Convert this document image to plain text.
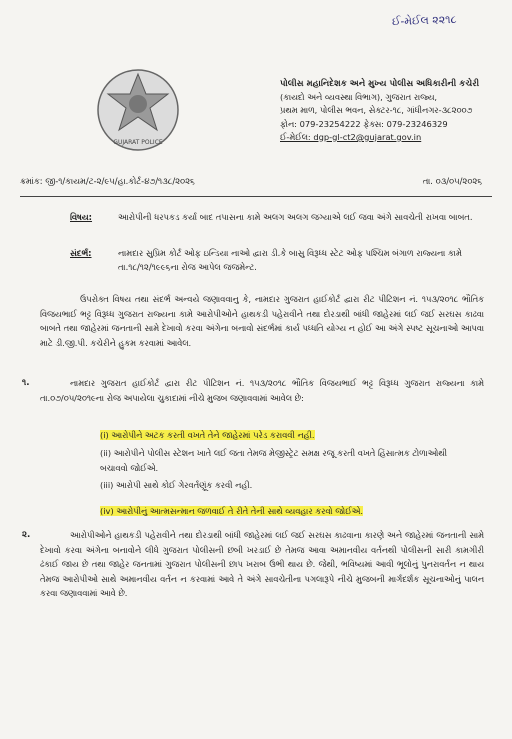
ઈ-મેઈલ ૨૨૧૮
GUJARAT POLICE
પોલીસ મહાનિદેશક અને મુખ્ય પોલીસ અધિકારીની કચેરી
(કાયદો અને વ્યવસ્થા વિભાગ), ગુજરાત રાજ્ય,
પ્રથમ માળ, પોલીસ ભવન, સેક્ટર-૧૮, ગાંધીનગર-૩૮૨૦૦૭
ફોન: 079-23254222 ફેક્સ: 079-23246329
ઈ-મેઈલ: dgp-gl-ct2@gujarat.gov.in
ક્રમાંક: જી-૧/કાયમ/ટ-૨/૯૫/હા.કોર્ટ-૪૭/૧૩૮/૨૦૨૬	તા. ૦૩/૦૫/૨૦૨૬
વિષય:	આરોપીની ધરપકડ કર્યા બાદ તપાસના કામે અલગ અલગ જગ્યાએ લઈ જવા અંગે સાવચેતી રાખવા બાબત.
સંદર્ભ:	નામદાર સુપ્રિમ કોર્ટ ઓફ ઇન્ડિયા નાઓ દ્વારા ડી.કે બાસુ વિરૂધ્ધ સ્ટેટ ઓફ પશ્ચિમ બંગાળ રાજ્યના કામે તા.૧૮/૧૨/૧૯૯૬ના રોજ આપેલ જજમેન્ટ.
ઉપરોક્ત વિષય તથા સંદર્ભ અન્વયે જણાવવાનુ કે, નામદાર ગુજરાત હાઈકોર્ટ દ્વારા રીટ પીટિશન નં. ૧૫૩/૨૦૧૮ ભૌતિક વિજયભાઈ ભટ્ટ વિરૂધ્ધ ગુજરાત રાજ્યના કામે આરોપીઓને હાથકડી પહેરાવીને તથા દોરડાથી બાંધી જાહેરમાં લઈ જઈ સરઘસ કાઢવા બાબતે તથા જાહેરમાં જનતાની સામે દેખાવો કરવા અંગેના બનાવો સંદર્ભમાં કાર્ય પધ્ધતિ યોગ્ય ન હોઈ આ અંગે સ્પષ્ટ સૂચનાઓ આપવા માટે ડી.જી.પી. કચેરીને હુકમ કરવામાં આવેલ.
૧.	નામદાર ગુજરાત હાઈકોર્ટ દ્વારા રીટ પીટિશન નં. ૧૫૩/૨૦૧૮ ભૌતિક વિજયભાઈ ભટ્ટ વિરૂધ્ધ ગુજરાત રાજ્યના કામે તા.૦૭/૦૫/૨૦૧૯ના રોજ અપાયેલા ચુકાદામાં નીચે મુજબ જણાવવામાં આવેલ છે:
(i) આરોપીને અટક કરતી વખતે તેને જાહેરમાં પરેડ કરાવવી નહી.
(ii) આરોપીને પોલીસ સ્ટેશન ખાતે લઈ જતા તેમજ મેજીસ્ટ્રેટ સમક્ષ રજૂ કરતી વખતે હિંસાત્મક ટોળાઓથી બચાવવો જોઈએ.
(iii) આરોપી સાથે કોઈ ગેરવર્તણૂંક કરવી નહી.
(iv) આરોપીનું આત્મસન્માન જળવાઈ તે રીતે તેની સાથે વ્યવહાર કરવો જોઈએ.
૨.	આરોપીઓને હાથકડી પહેરાવીને તથા દોરડાથી બાંધી જાહેરમાં લઈ જઈ સરઘસ કાઢવાના કારણે અને જાહેરમાં જનતાની સામે દેખાવો કરવા અંગેના બનાવોને લીધે ગુજરાત પોલીસની છબી ખરડાઈ છે તેમજ આવા અમાનવીય વર્તનથી પોલીસની સારી કામગીરી ઢંકાઈ જાય છે તથા જાહેર જનતામાં ગુજરાત પોલીસની છાપ ખરાબ ઉભી થાય છે. જેથી, ભવિષ્યમાં આવી ભૂલોનું પુનરાવર્તન ન થાય તેમજ આરોપીઓ સાથે અમાનવીય વર્તન ન કરવામાં આવે તે અંગે સાવચેતીના પગલારૂપે નીચે મુજબની માર્ગદર્શક સૂચનાઓનું પાલન કરવા જણાવવામાં આવે છે.
